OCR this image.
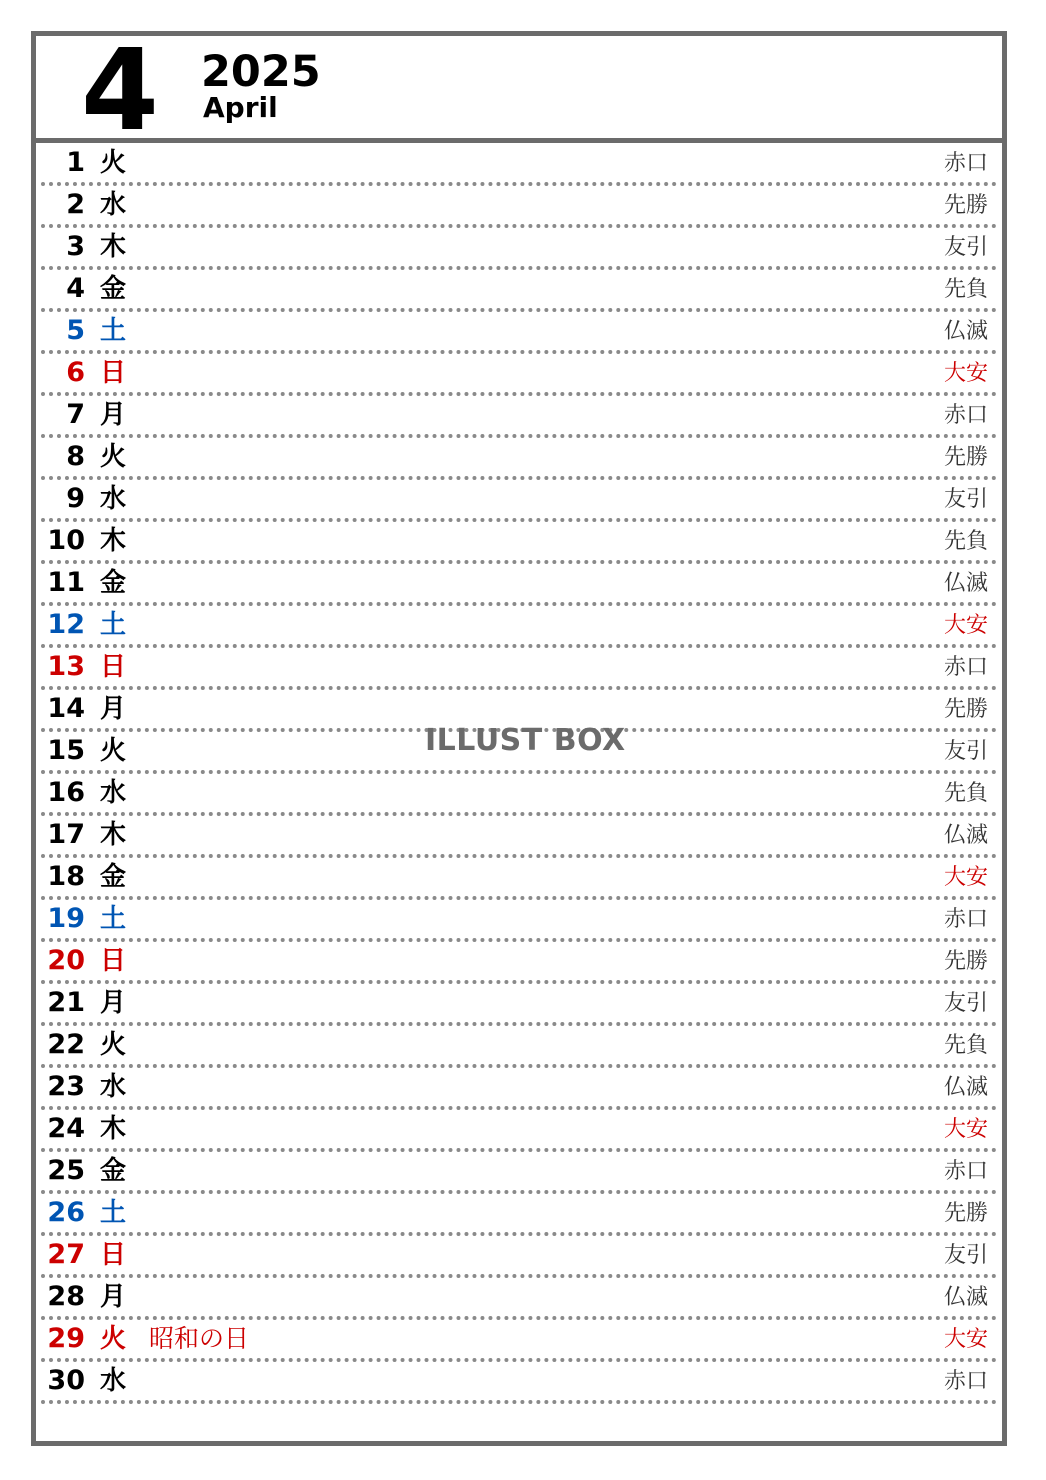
4 2025
April
1 火	赤口
2 水	先勝
3 木	友引
4 金	先負
5 土	仏滅
6 日	大安
7 月	赤口
8 火	先勝
9 水	友引
10 木	先負
11 金	仏滅
12 土	大安
13 日	赤口
14 月	先勝
15 火	友引
16 水	先負
17 木	仏滅
18 金	大安
19 土	赤口
20 日	先勝
21 月	友引
22 火	先負
23 水	仏滅
24 木	大安
25 金	赤口
26 土	先勝
27 日	友引
28 月	仏滅
29 火 昭和の日	大安
30 水	赤口
ILLUST BOX
